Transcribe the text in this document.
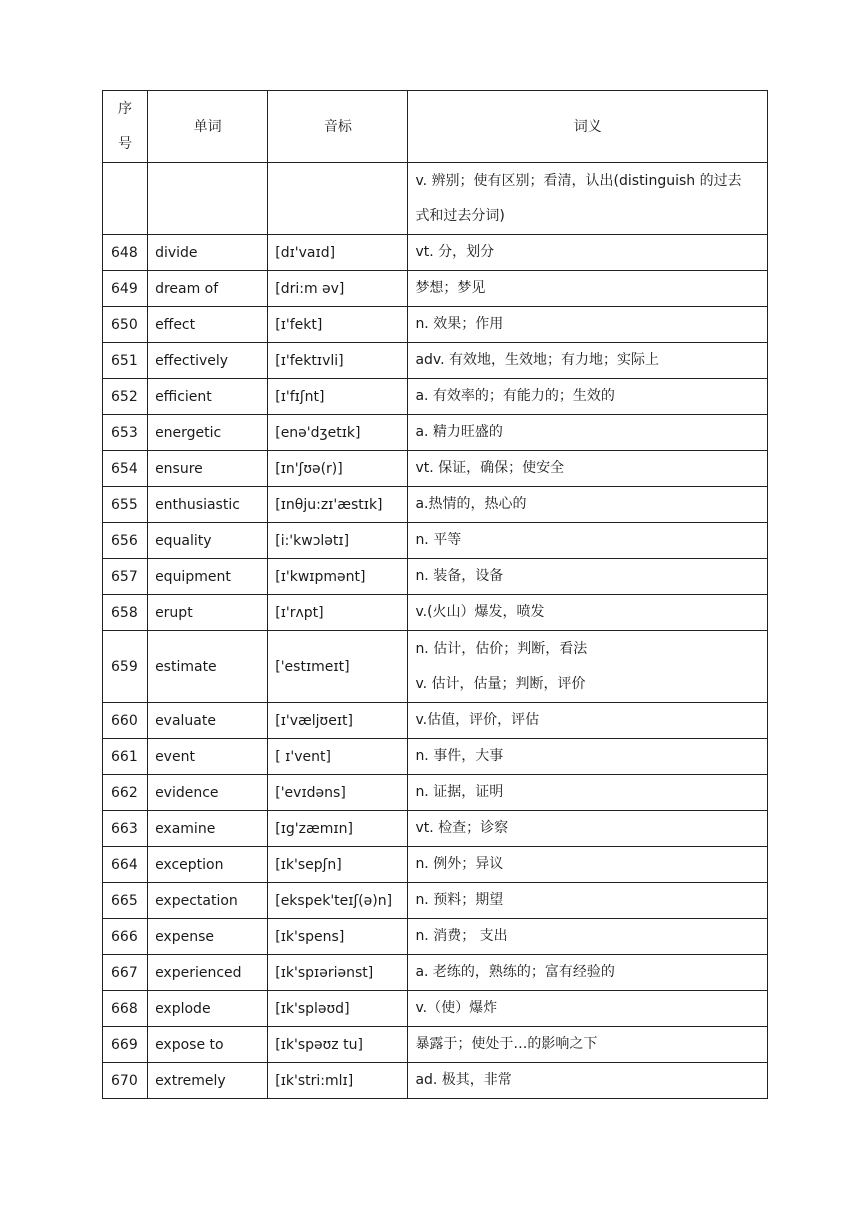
序
号	单词	音标	词义

			v. 辨别；使有区别；看清，认出(distinguish 的过去
式和过去分词)

648	divide	[dɪ'vaɪd]	vt. 分，划分

649	dream of	[dri:m əv]	梦想；梦见

650	effect	[ɪ'fekt]	n. 效果；作用

651	effectively	[ɪ'fektɪvli]	adv. 有效地，生效地；有力地；实际上

652	efficient	[ɪ'fɪʃnt]	a. 有效率的；有能力的；生效的

653	energetic	[enə'dʒetɪk]	a. 精力旺盛的

654	ensure	[ɪn'ʃʊə(r)]	vt. 保证，确保；使安全

655	enthusiastic	[ɪnθju:zɪ'æstɪk]	a.热情的，热心的

656	equality	[i:'kwɔlətɪ]	n. 平等

657	equipment	[ɪ'kwɪpmənt]	n. 装备，设备

658	erupt	[ɪ'rʌpt]	v.(火山）爆发，喷发

659	estimate	['estɪmeɪt]	n. 估计，估价；判断，看法
v. 估计，估量；判断，评价

660	evaluate	[ɪ'væljʊeɪt]	v.估值，评价，评估

661	event	[ ɪ'vent]	n. 事件，大事

662	evidence	['evɪdəns]	n. 证据，证明

663	examine	[ɪg'zæmɪn]	vt. 检查；诊察

664	exception	[ɪk'sepʃn]	n. 例外；异议

665	expectation	[ekspek'teɪʃ(ə)n]	n. 预料；期望

666	expense	[ɪk'spens]	n. 消费； 支出

667	experienced	[ɪk'spɪəriənst]	a. 老练的，熟练的；富有经验的

668	explode	[ɪk'spləʊd]	v.（使）爆炸

669	expose to	[ɪk'spəʊz tu]	暴露于；使处于…的影响之下

670	extremely	[ɪk'stri:mlɪ]	ad. 极其，非常
